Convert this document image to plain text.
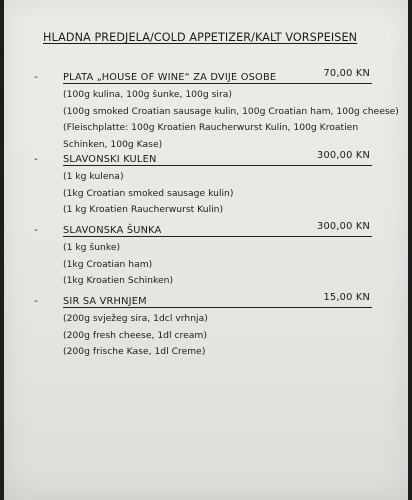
HLADNA PREDJELA/COLD APPETIZER/KALT VORSPEISEN
-	PLATA „HOUSE OF WINE“ ZA DVIJE OSOBE	70,00 KN
(100g kulina, 100g šunke, 100g sira)
(100g smoked Croatian sausage kulin, 100g Croatian ham, 100g cheese)
(Fleischplatte: 100g Kroatien Raucherwurst Kulin, 100g Kroatien
Schinken, 100g Kase)
-	SLAVONSKI KULEN	300,00 KN
(1 kg kulena)
(1kg Croatian smoked sausage kulin)
(1 kg Kroatien Raucherwurst Kulin)
-	SLAVONSKA ŠUNKA	300,00 KN
(1 kg šunke)
(1kg Croatian ham)
(1kg Kroatien Schinken)
-	SIR SA VRHNJEM	15,00 KN
(200g svježeg sira, 1dcl vrhnja)
(200g fresh cheese, 1dl cream)
(200g frische Kase, 1dl Creme)
